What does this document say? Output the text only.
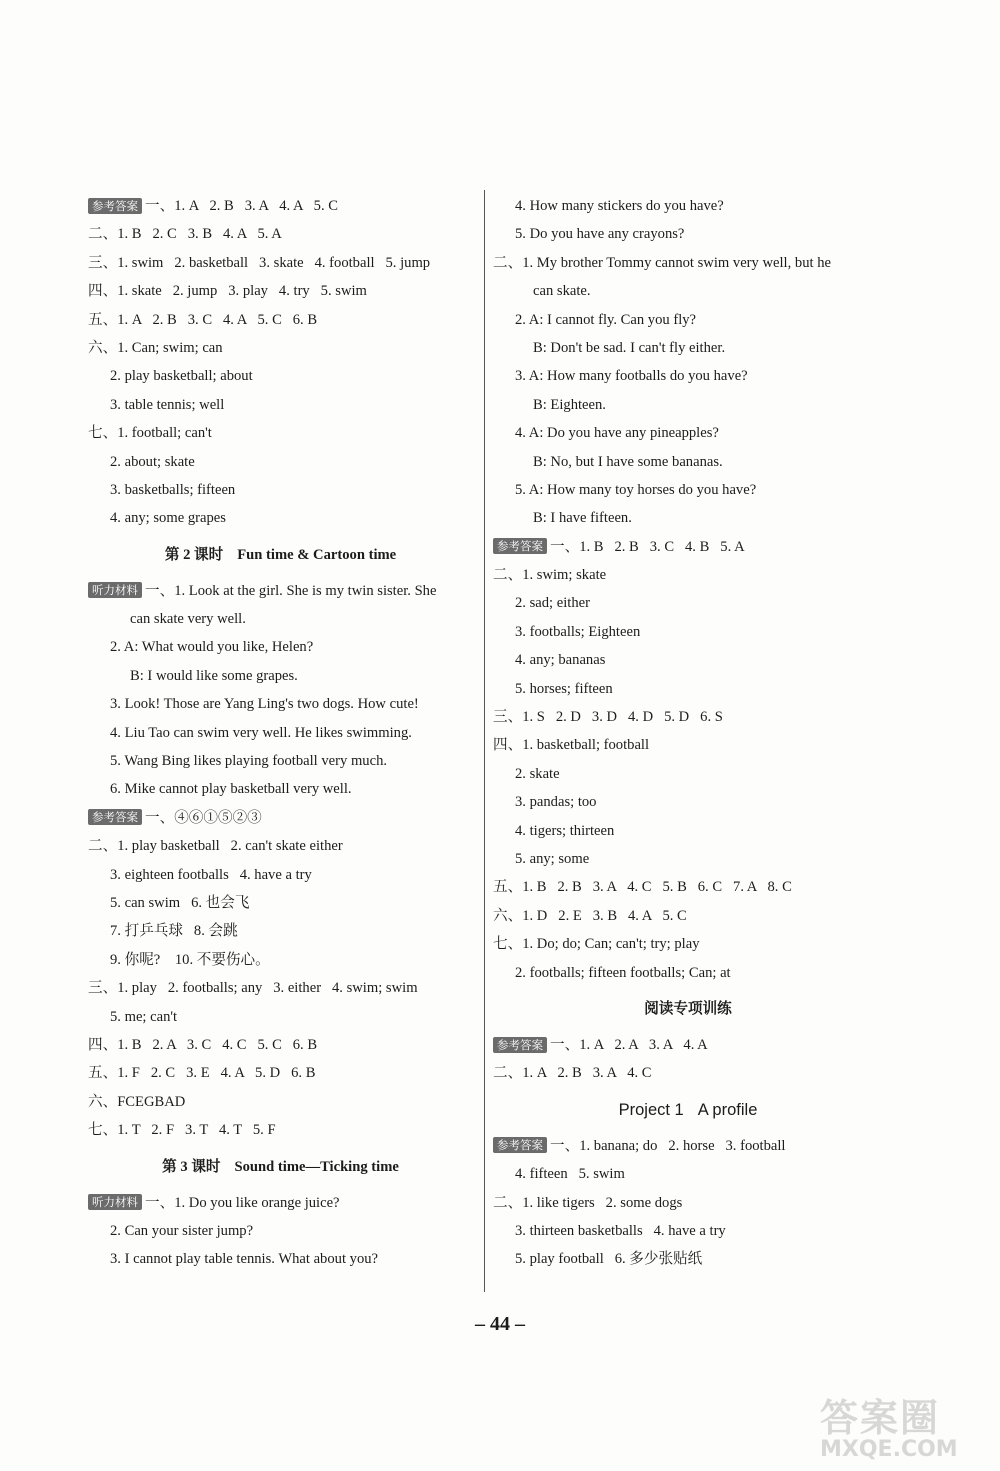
参考答案 一、1. A   2. B   3. A   4. A   5. C
二、1. B   2. C   3. B   4. A   5. A
三、1. swim   2. basketball   3. skate   4. football   5. jump
四、1. skate   2. jump   3. play   4. try   5. swim
五、1. A   2. B   3. C   4. A   5. C   6. B
六、1. Can; swim; can
2. play basketball; about
3. table tennis; well
七、1. football; can't
2. about; skate
3. basketballs; fifteen
4. any; some grapes
第 2 课时 Fun time & Cartoon time
听力材料 一、1. Look at the girl. She is my twin sister. She
can skate very well.
2. A: What would you like, Helen?
B: I would like some grapes.
3. Look! Those are Yang Ling's two dogs. How cute!
4. Liu Tao can swim very well. He likes swimming.
5. Wang Bing likes playing football very much.
6. Mike cannot play basketball very well.
参考答案 一、④⑥①⑤②③
二、1. play basketball   2. can't skate either
3. eighteen footballs   4. have a try
5. can swim   6. 也会飞
7. 打乒乓球   8. 会跳
9. 你呢?    10. 不要伤心。
三、1. play   2. footballs; any   3. either   4. swim; swim
5. me; can't
四、1. B   2. A   3. C   4. C   5. C   6. B
五、1. F   2. C   3. E   4. A   5. D   6. B
六、FCEGBAD
七、1. T   2. F   3. T   4. T   5. F
第 3 课时 Sound time—Ticking time
听力材料 一、1. Do you like orange juice?
2. Can your sister jump?
3. I cannot play table tennis. What about you?
4. How many stickers do you have?
5. Do you have any crayons?
二、1. My brother Tommy cannot swim very well, but he
can skate.
2. A: I cannot fly. Can you fly?
B: Don't be sad. I can't fly either.
3. A: How many footballs do you have?
B: Eighteen.
4. A: Do you have any pineapples?
B: No, but I have some bananas.
5. A: How many toy horses do you have?
B: I have fifteen.
参考答案 一、1. B   2. B   3. C   4. B   5. A
二、1. swim; skate
2. sad; either
3. footballs; Eighteen
4. any; bananas
5. horses; fifteen
三、1. S   2. D   3. D   4. D   5. D   6. S
四、1. basketball; football
2. skate
3. pandas; too
4. tigers; thirteen
5. any; some
五、1. B   2. B   3. A   4. C   5. B   6. C   7. A   8. C
六、1. D   2. E   3. B   4. A   5. C
七、1. Do; do; Can; can't; try; play
2. footballs; fifteen footballs; Can; at
阅读专项训练
参考答案 一、1. A   2. A   3. A   4. A
二、1. A   2. B   3. A   4. C
Project 1 A profile
参考答案 一、1. banana; do   2. horse   3. football
4. fifteen   5. swim
二、1. like tigers   2. some dogs
3. thirteen basketballs   4. have a try
5. play football   6. 多少张贴纸
– 44 –
答案圈
MXQE.COM
